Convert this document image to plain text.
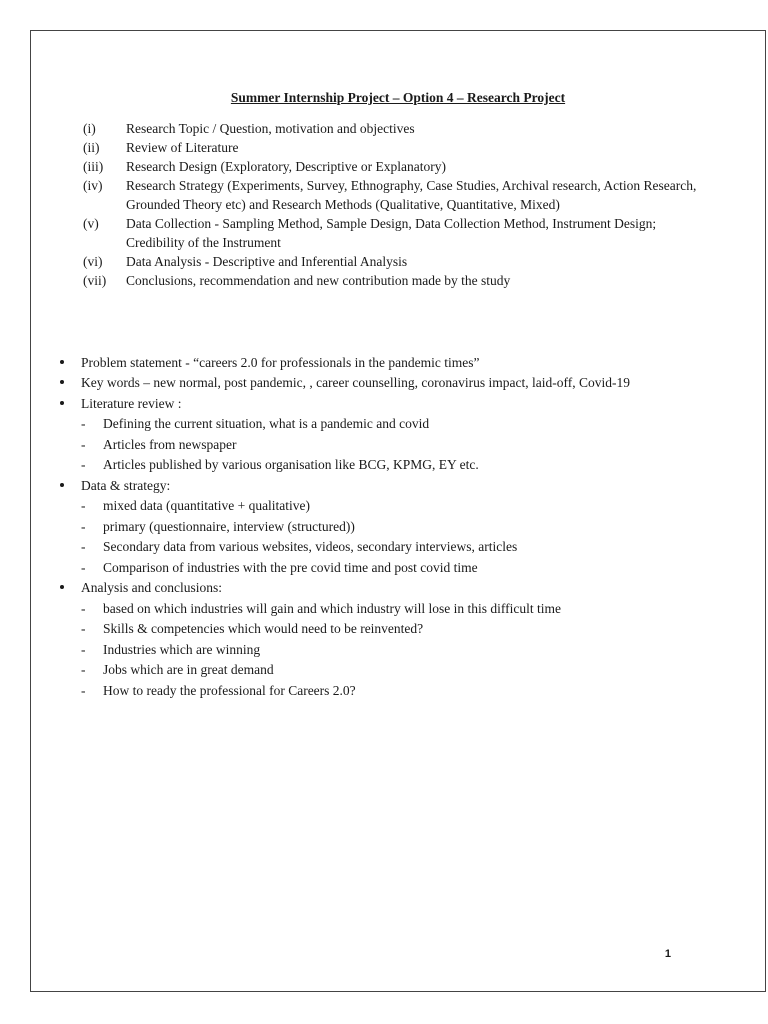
Summer Internship Project – Option 4 – Research Project
(i)	Research Topic / Question, motivation and objectives
(ii)	Review of Literature
(iii)	Research Design (Exploratory, Descriptive or Explanatory)
(iv)	Research Strategy (Experiments, Survey, Ethnography, Case Studies, Archival research, Action Research, Grounded Theory etc) and Research Methods (Qualitative, Quantitative, Mixed)
(v)	Data Collection - Sampling Method, Sample Design, Data Collection Method, Instrument Design; Credibility of the Instrument
(vi)	Data Analysis - Descriptive and Inferential Analysis
(vii)	Conclusions, recommendation and new contribution made by the study
Problem statement - “careers 2.0 for professionals in the pandemic times”
Key words – new normal, post pandemic, , career counselling, coronavirus impact, laid-off, Covid-19
Literature review :
-	Defining the current situation, what is a pandemic and covid
-	Articles from newspaper
-	Articles published by various organisation like BCG, KPMG, EY etc.
Data & strategy:
-	mixed data (quantitative + qualitative)
-	primary (questionnaire, interview (structured))
-	Secondary data from various websites, videos, secondary interviews, articles
-	Comparison of industries with the pre covid time and post covid time
Analysis and conclusions:
-	based on which industries will gain and which industry will lose in this difficult time
-	Skills & competencies which would need to be reinvented?
-	Industries which are winning
-	Jobs which are in great demand
-	How to ready the professional for Careers 2.0?
1
